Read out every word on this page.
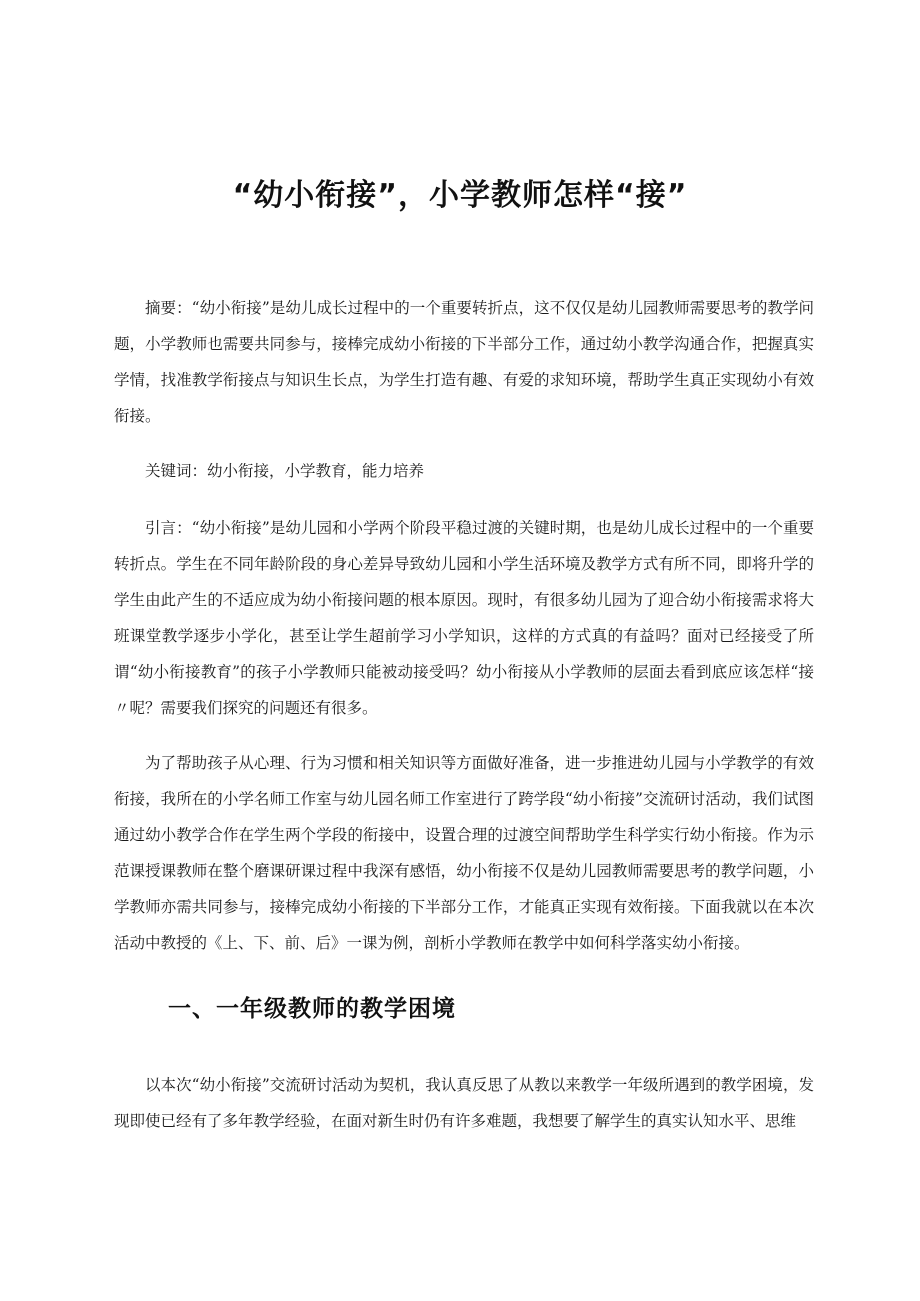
“幼小衔接”，小学教师怎样“接”

摘要：“幼小衔接”是幼儿成长过程中的一个重要转折点，这不仅仅是幼儿园教师需要思考的教学问题，小学教师也需要共同参与，接棒完成幼小衔接的下半部分工作，通过幼小教学沟通合作，把握真实学情，找准教学衔接点与知识生长点，为学生打造有趣、有爱的求知环境，帮助学生真正实现幼小有效衔接。

关键词：幼小衔接，小学教育，能力培养

引言：“幼小衔接”是幼儿园和小学两个阶段平稳过渡的关键时期，也是幼儿成长过程中的一个重要转折点。学生在不同年龄阶段的身心差异导致幼儿园和小学生活环境及教学方式有所不同，即将升学的学生由此产生的不适应成为幼小衔接问题的根本原因。现时，有很多幼儿园为了迎合幼小衔接需求将大班课堂教学逐步小学化，甚至让学生超前学习小学知识，这样的方式真的有益吗？面对已经接受了所谓“幼小衔接教育”的孩子小学教师只能被动接受吗？幼小衔接从小学教师的层面去看到底应该怎样“接〃呢？需要我们探究的问题还有很多。

为了帮助孩子从心理、行为习惯和相关知识等方面做好准备，进一步推进幼儿园与小学教学的有效衔接，我所在的小学名师工作室与幼儿园名师工作室进行了跨学段“幼小衔接”交流研讨活动，我们试图通过幼小教学合作在学生两个学段的衔接中，设置合理的过渡空间帮助学生科学实行幼小衔接。作为示范课授课教师在整个磨课研课过程中我深有感悟，幼小衔接不仅是幼儿园教师需要思考的教学问题，小学教师亦需共同参与，接棒完成幼小衔接的下半部分工作，才能真正实现有效衔接。下面我就以在本次活动中教授的《上、下、前、后》一课为例，剖析小学教师在教学中如何科学落实幼小衔接。

一、一年级教师的教学困境

以本次“幼小衔接”交流研讨活动为契机，我认真反思了从教以来教学一年级所遇到的教学困境，发现即使已经有了多年教学经验，在面对新生时仍有许多难题，我想要了解学生的真实认知水平、思维
